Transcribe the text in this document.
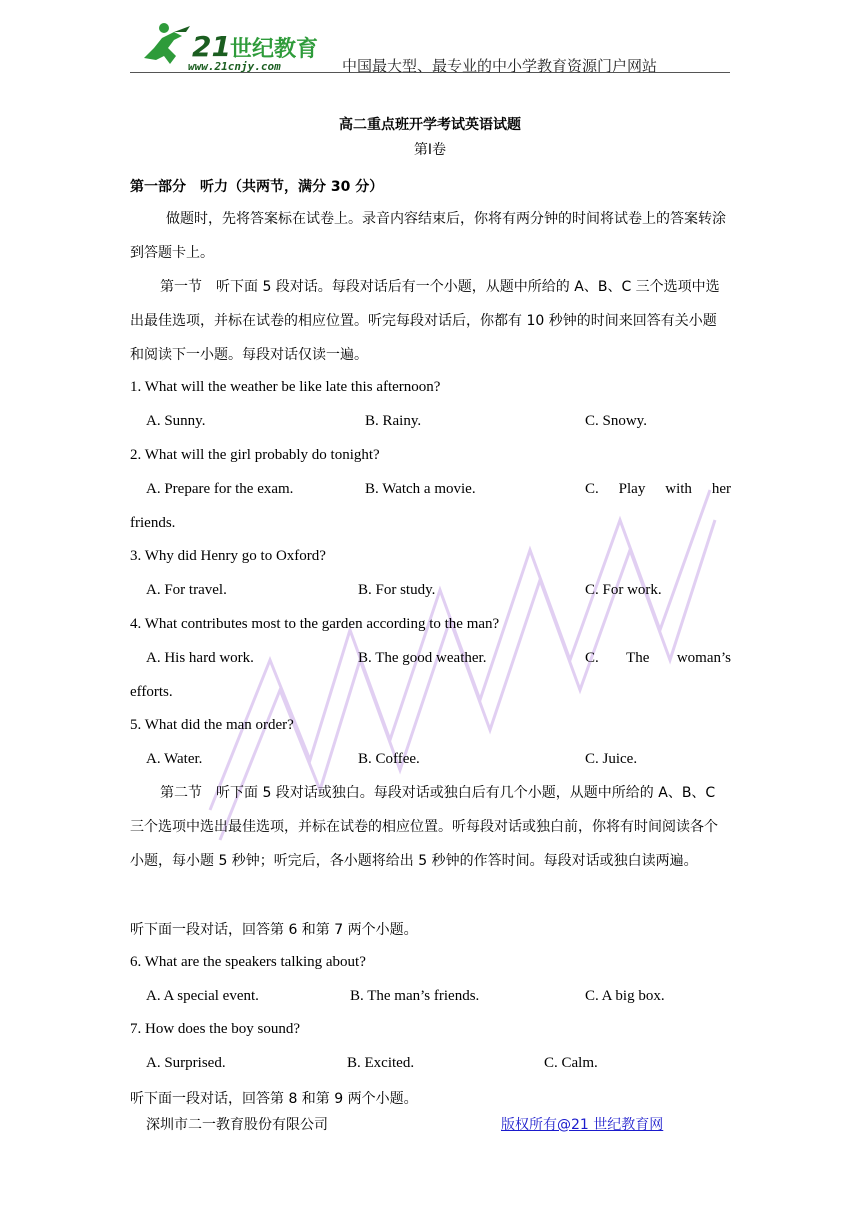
21 世纪教育
www.21cnjy.com	中国最大型、最专业的中小学教育资源门户网站
高二重点班开学考试英语试题
第Ⅰ卷
第一部分　听力（共两节，满分 30 分）
做题时，先将答案标在试卷上。录音内容结束后，你将有两分钟的时间将试卷上的答案转涂到答题卡上。
第一节　听下面 5 段对话。每段对话后有一个小题，从题中所给的 A、B、C 三个选项中选出最佳选项，并标在试卷的相应位置。听完每段对话后，你都有 10 秒钟的时间来回答有关小题和阅读下一小题。每段对话仅读一遍。
1. What will the weather be like late this afternoon?
A. Sunny.	B. Rainy.	C. Snowy.
2. What will the girl probably do tonight?
A. Prepare for the exam.	B. Watch a movie.	C. Play with her
friends.
3. Why did Henry go to Oxford?
A. For travel.	B. For study.	C. For work.
4. What contributes most to the garden according to the man?
A. His hard work.	B. The good weather.	C. The woman’s
efforts.
5. What did the man order?
A. Water.	B. Coffee.	C. Juice.
第二节　听下面 5 段对话或独白。每段对话或独白后有几个小题，从题中所给的 A、B、C 三个选项中选出最佳选项，并标在试卷的相应位置。听每段对话或独白前，你将有时间阅读各个小题，每小题 5 秒钟；听完后，各小题将给出 5 秒钟的作答时间。每段对话或独白读两遍。
听下面一段对话，回答第 6 和第 7 两个小题。
6. What are the speakers talking about?
A. A special event.	B. The man’s friends.	C. A big box.
7. How does the boy sound?
A. Surprised.	B. Excited.	C. Calm.
听下面一段对话，回答第 8 和第 9 两个小题。
深圳市二一教育股份有限公司	版权所有@21 世纪教育网
